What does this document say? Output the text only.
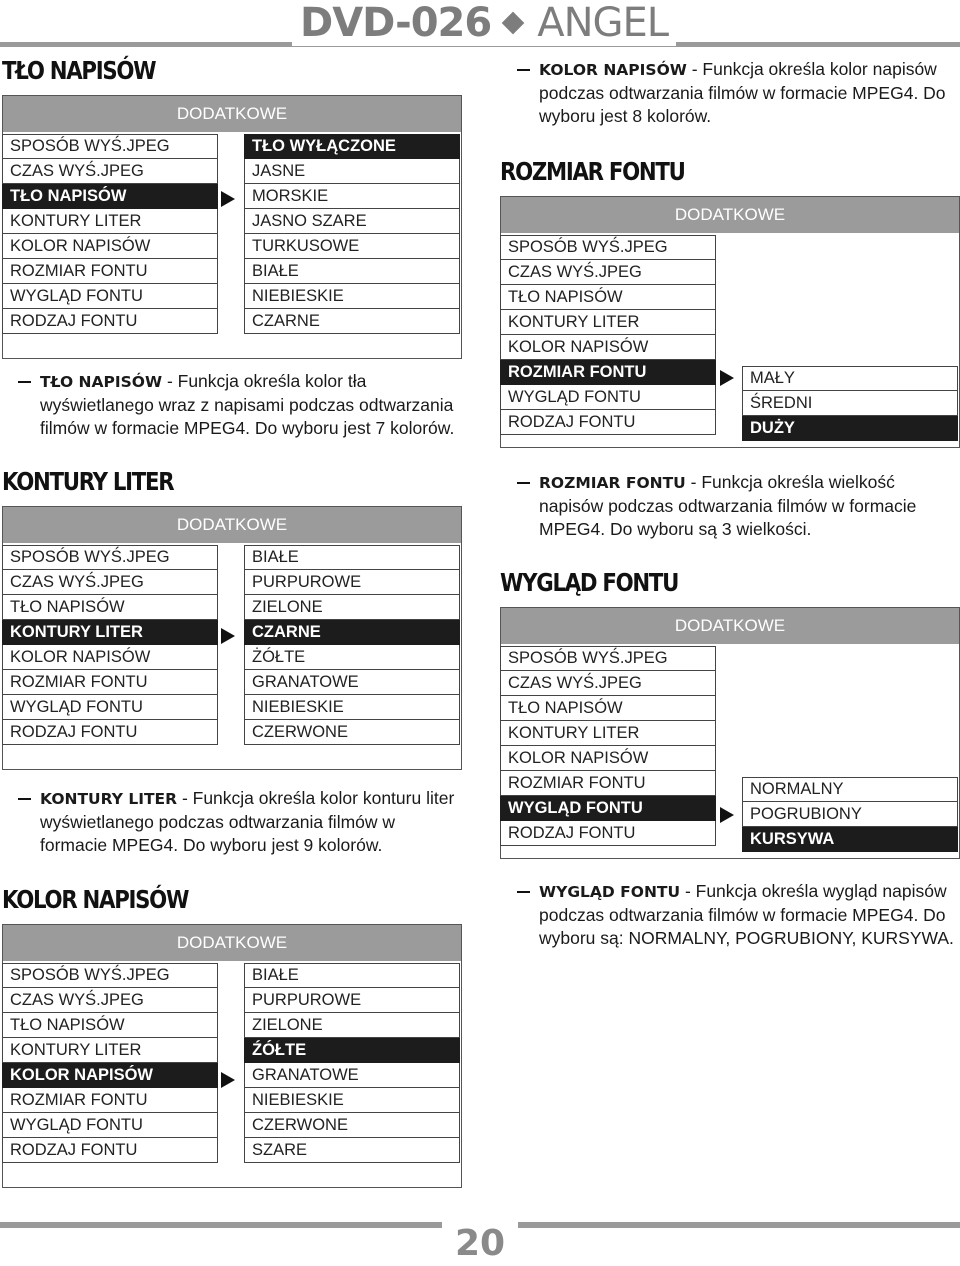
DVD-026 ANGEL
TŁO NAPISÓW
DODATKOWE
SPOSÓB WYŚ.JPEG
CZAS WYŚ.JPEG
TŁO NAPISÓW
KONTURY LITER
KOLOR NAPISÓW
ROZMIAR FONTU
WYGLĄD FONTU
RODZAJ FONTU
TŁO WYŁĄCZONE
JASNE
MORSKIE
JASNO SZARE
TURKUSOWE
BIAŁE
NIEBIESKIE
CZARNE
TŁO NAPISÓW - Funkcja określa kolor tła wyświetlanego wraz z napisami podczas odtwarzania filmów w formacie MPEG4. Do wyboru jest 7 kolorów.
KONTURY LITER
DODATKOWE
SPOSÓB WYŚ.JPEG
CZAS WYŚ.JPEG
TŁO NAPISÓW
KONTURY LITER
KOLOR NAPISÓW
ROZMIAR FONTU
WYGLĄD FONTU
RODZAJ FONTU
BIAŁE
PURPUROWE
ZIELONE
CZARNE
ŻÓŁTE
GRANATOWE
NIEBIESKIE
CZERWONE
KONTURY LITER - Funkcja określa kolor konturu liter wyświetlanego podczas odtwarzania filmów w formacie MPEG4. Do wyboru jest 9 kolorów.
KOLOR NAPISÓW
DODATKOWE
SPOSÓB WYŚ.JPEG
CZAS WYŚ.JPEG
TŁO NAPISÓW
KONTURY LITER
KOLOR NAPISÓW
ROZMIAR FONTU
WYGLĄD FONTU
RODZAJ FONTU
BIAŁE
PURPUROWE
ZIELONE
ŹÓŁTE
GRANATOWE
NIEBIESKIE
CZERWONE
SZARE
KOLOR NAPISÓW - Funkcja określa kolor napisów podczas odtwarzania filmów w formacie MPEG4. Do wyboru jest 8 kolorów.
ROZMIAR FONTU
DODATKOWE
SPOSÓB WYŚ.JPEG
CZAS WYŚ.JPEG
TŁO NAPISÓW
KONTURY LITER
KOLOR NAPISÓW
ROZMIAR FONTU
WYGLĄD FONTU
RODZAJ FONTU
MAŁY
ŚREDNI
DUŻY
ROZMIAR FONTU - Funkcja określa wielkość napisów podczas odtwarzania filmów w formacie MPEG4. Do wyboru są 3 wielkości.
WYGLĄD FONTU
DODATKOWE
SPOSÓB WYŚ.JPEG
CZAS WYŚ.JPEG
TŁO NAPISÓW
KONTURY LITER
KOLOR NAPISÓW
ROZMIAR FONTU
WYGLĄD FONTU
RODZAJ FONTU
NORMALNY
POGRUBIONY
KURSYWA
WYGLĄD FONTU - Funkcja określa wygląd napisów podczas odtwarzania filmów w formacie MPEG4. Do wyboru są: NORMALNY, POGRUBIONY, KURSYWA.
20
